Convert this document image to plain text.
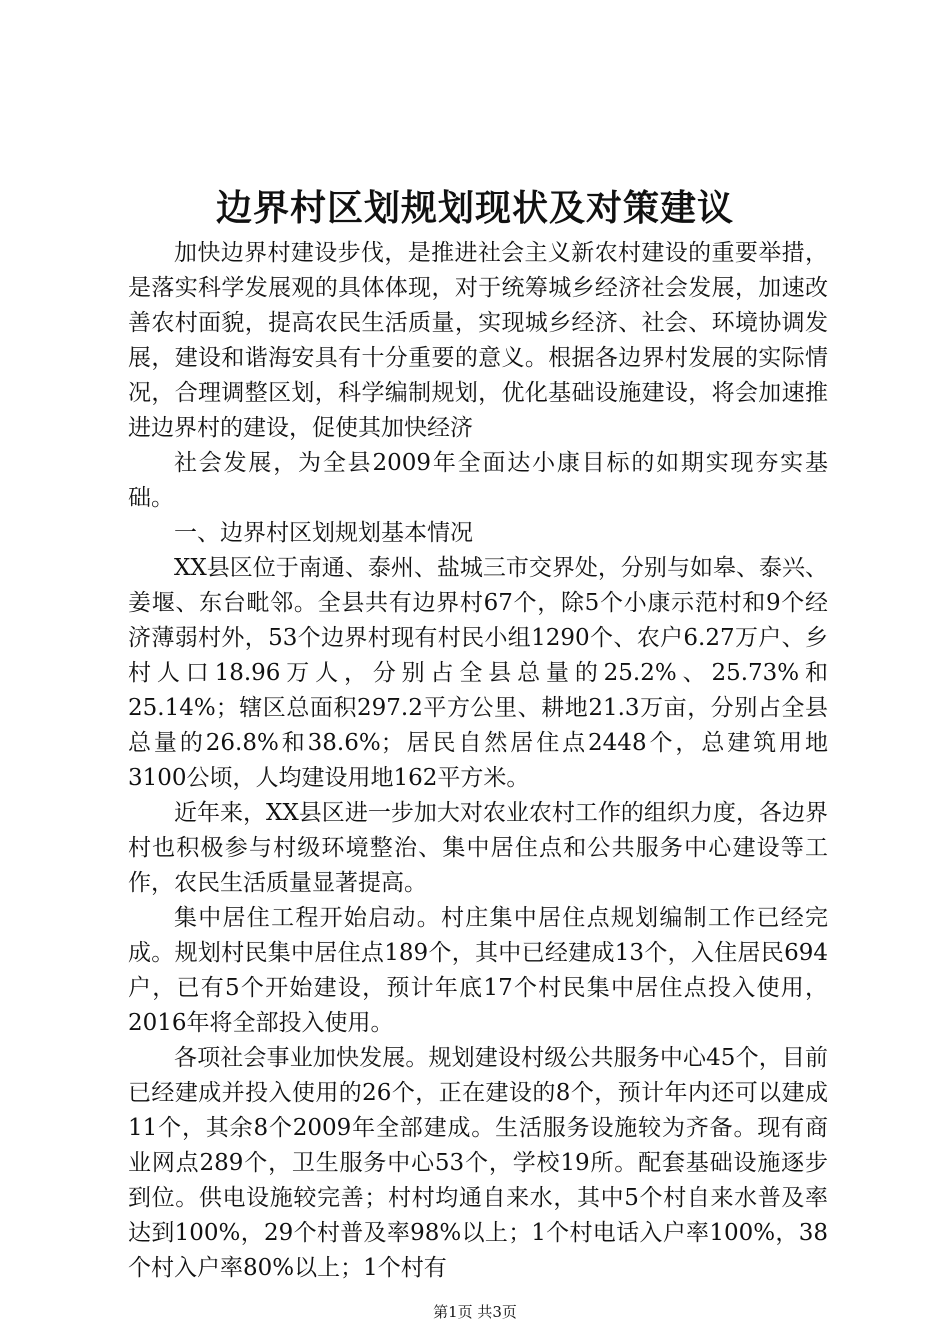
边界村区划规划现状及对策建议

加快边界村建设步伐，是推进社会主义新农村建设的重要举措，是落实科学发展观的具体体现，对于统筹城乡经济社会发展，加速改善农村面貌，提高农民生活质量，实现城乡经济、社会、环境协调发展，建设和谐海安具有十分重要的意义。根据各边界村发展的实际情况，合理调整区划，科学编制规划，优化基础设施建设，将会加速推进边界村的建设，促使其加快经济

社会发展，为全县2009年全面达小康目标的如期实现夯实基础。

一、边界村区划规划基本情况

XX县区位于南通、泰州、盐城三市交界处，分别与如皋、泰兴、姜堰、东台毗邻。全县共有边界村67个，除5个小康示范村和9个经济薄弱村外，53个边界村现有村民小组1290个、农户6.27万户、乡村人口18.96万人，分别占全县总量的25.2%、25.73%和25.14%；辖区总面积297.2平方公里、耕地21.3万亩，分别占全县总量的26.8%和38.6%；居民自然居住点2448个，总建筑用地3100公顷，人均建设用地162平方米。

近年来，XX县区进一步加大对农业农村工作的组织力度，各边界村也积极参与村级环境整治、集中居住点和公共服务中心建设等工作，农民生活质量显著提高。

集中居住工程开始启动。村庄集中居住点规划编制工作已经完成。规划村民集中居住点189个，其中已经建成13个，入住居民694户，已有5个开始建设，预计年底17个村民集中居住点投入使用，2016年将全部投入使用。

各项社会事业加快发展。规划建设村级公共服务中心45个，目前已经建成并投入使用的26个，正在建设的8个，预计年内还可以建成11个，其余8个2009年全部建成。生活服务设施较为齐备。现有商业网点289个，卫生服务中心53个，学校19所。配套基础设施逐步到位。供电设施较完善；村村均通自来水，其中5个村自来水普及率达到100%，29个村普及率98%以上；1个村电话入户率100%，38个村入户率80%以上；1个村有

第1页 共3页
